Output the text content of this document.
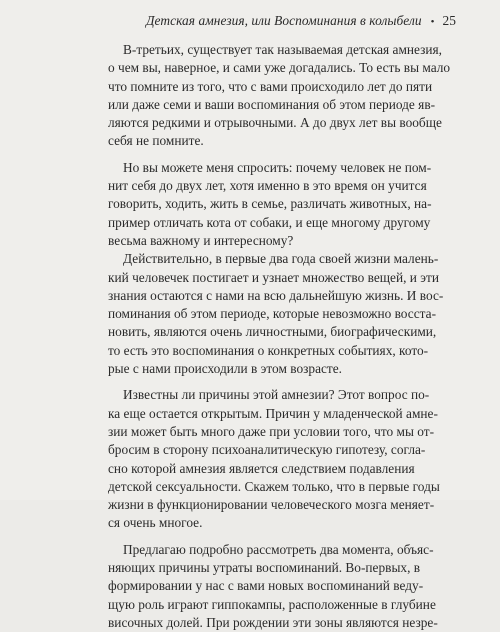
Детская амнезия, или Воспоминания в колыбели • 25
В-третьих, существует так называемая детская амнезия,
о чем вы, наверное, и сами уже догадались. То есть вы мало
что помните из того, что с вами происходило лет до пяти
или даже семи и ваши воспоминания об этом периоде яв-
ляются редкими и отрывочными. А до двух лет вы вообще
себя не помните.
Но вы можете меня спросить: почему человек не пом-
нит себя до двух лет, хотя именно в это время он учится
говорить, ходить, жить в семье, различать животных, на-
пример отличать кота от собаки, и еще многому другому
весьма важному и интересному?
Действительно, в первые два года своей жизни малень-
кий человечек постигает и узнает множество вещей, и эти
знания остаются с нами на всю дальнейшую жизнь. И вос-
поминания об этом периоде, которые невозможно восста-
новить, являются очень личностными, биографическими,
то есть это воспоминания о конкретных событиях, кото-
рые с нами происходили в этом возрасте.
Известны ли причины этой амнезии? Этот вопрос по-
ка еще остается открытым. Причин у младенческой амне-
зии может быть много даже при условии того, что мы от-
бросим в сторону психоаналитическую гипотезу, согла-
сно которой амнезия является следствием подавления
детской сексуальности. Скажем только, что в первые годы
жизни в функционировании человеческого мозга меняет-
ся очень многое.
Предлагаю подробно рассмотреть два момента, объяс-
няющих причины утраты воспоминаний. Во-первых, в
формировании у нас с вами новых воспоминаний веду-
щую роль играют гиппокампы, расположенные в глубине
височных долей. При рождении эти зоны являются незре-
